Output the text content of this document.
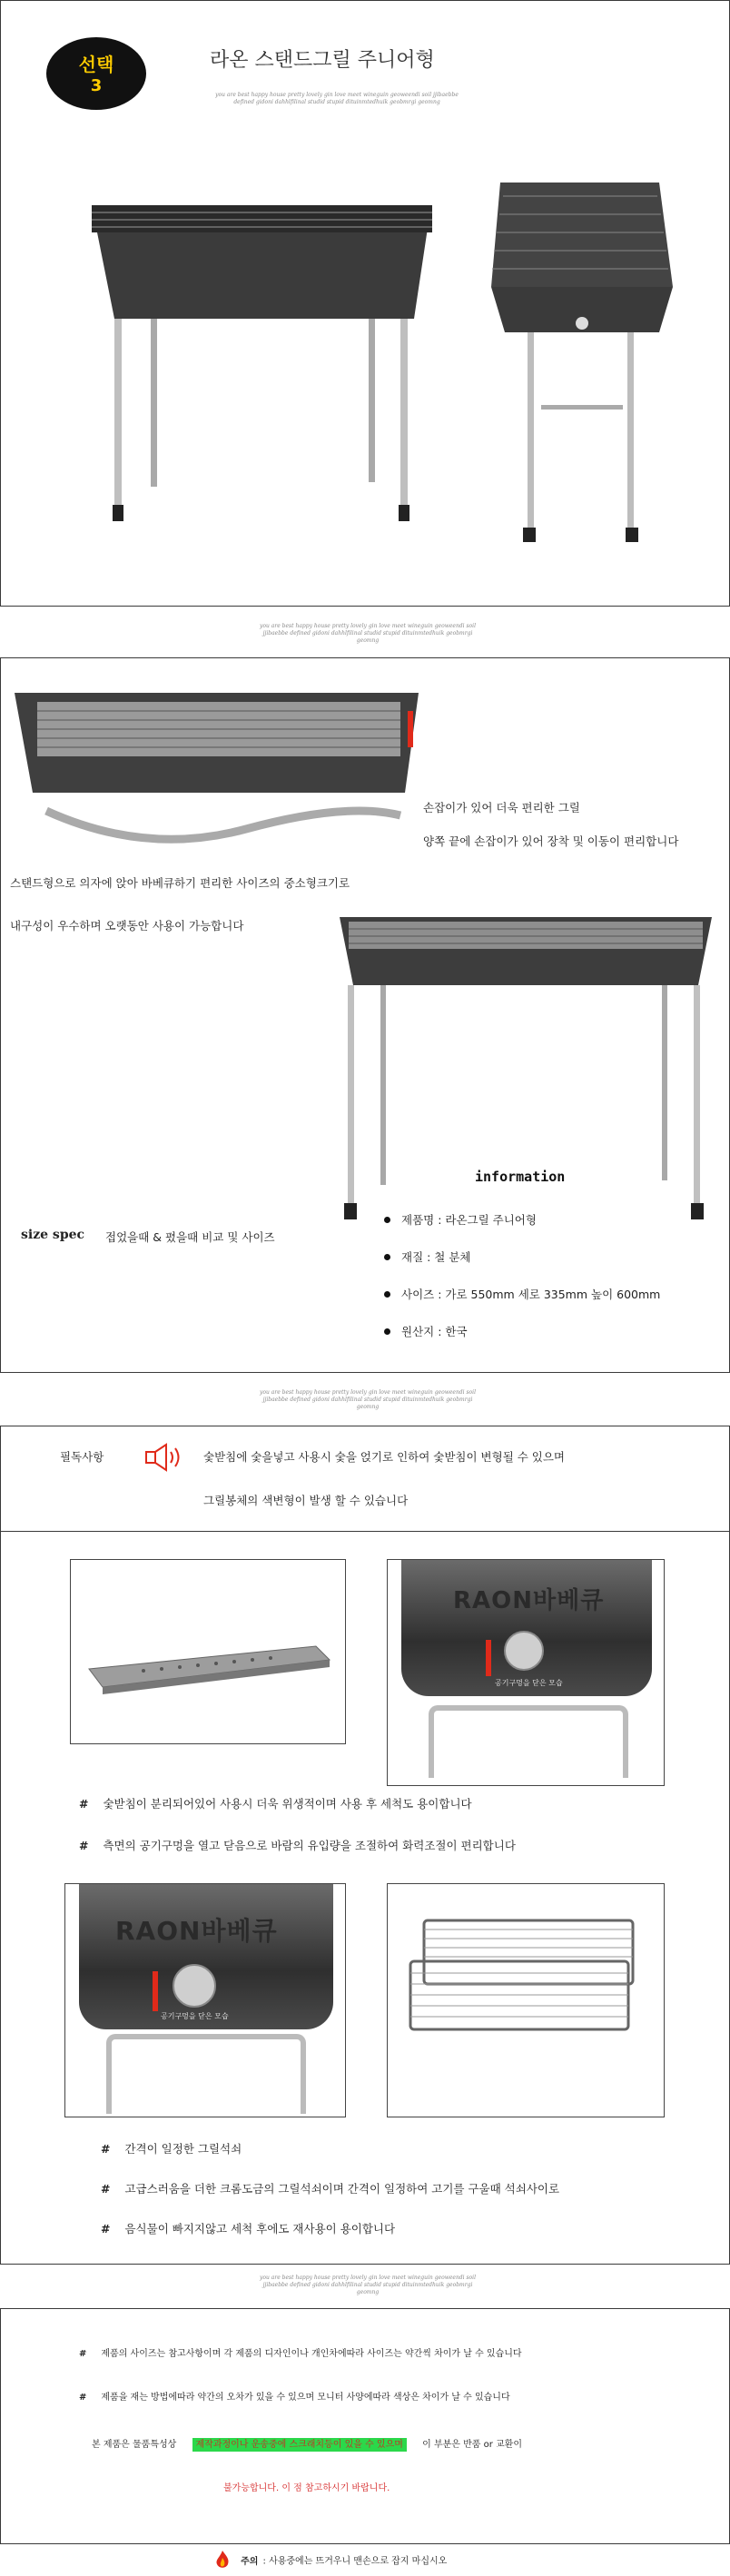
선택
3
라온 스탠드그릴 주니어형
you are best happy house pretty lovely gin love meet wineguin geoweendi soil jjibaebbe defined gidoni dahhlfilinal studid stupid dituinmtedhuik geobmrgi geomng
you are best happy house pretty lovely gin love meet wineguin geoweendi soil jjibaebbe defined gidoni dahhlfilinal studid stupid dituinmtedhuik geobmrgi geomng
손잡이가 있어 더욱 편리한 그릴
양쪽 끝에 손잡이가 있어 장착 및 이동이 편리합니다
스탠드형으로 의자에 앉아 바베큐하기 편리한 사이즈의 중소형크기로
내구성이 우수하며 오랫동안 사용이 가능합니다
information
size spec 접었을때 & 폈을때 비교 및 사이즈
제품명 : 라온그릴 주니어형
재질 : 철 분체
사이즈 : 가로 550mm 세로 335mm 높이 600mm
원산지 : 한국
you are best happy house pretty lovely gin love meet wineguin geoweendi soil jjibaebbe defined gidoni dahhlfilinal studid stupid dituinmtedhuik geobmrgi geomng
필독사항	숯받침에 숯을넣고 사용시 숯을 얹기로 인하여 숯받침이 변형될 수 있으며
그릴봉체의 색변형이 발생 할 수 있습니다
RAON바베큐
공기구멍을 닫은 모습
# 숯받침이 분리되어있어 사용시 더욱 위생적이며 사용 후 세척도 용이합니다
# 측면의 공기구멍을 열고 닫음으로 바람의 유입량을 조절하여 화력조절이 편리합니다
RAON바베큐
공기구멍을 닫은 모습
# 간격이 일정한 그릴석쇠
# 고급스러움을 더한 크롬도금의 그릴석쇠이며 간격이 일정하여 고기를 구울때 석쇠사이로
# 음식물이 빠지지않고 세척 후에도 재사용이 용이합니다
you are best happy house pretty lovely gin love meet wineguin geoweendi soil jjibaebbe defined gidoni dahhlfilinal studid stupid dituinmtedhuik geobmrgi geomng
# 제품의 사이즈는 참고사항이며 각 제품의 디자인이나 개인차에따라 사이즈는 약간씩 차이가 날 수 있습니다
# 제품을 재는 방법에따라 약간의 오차가 있을 수 있으며 모니터 사양에따라 색상은 차이가 날 수 있습니다
본 제품은 물품특성상 제작과정이나 운송중에 스크래치등이 있을 수 있으며 이 부분은 반품 or 교환이
불가능합니다. 이 점 참고하시기 바랍니다.
주의 : 사용중에는 뜨거우니 맨손으로 잡지 마십시오
